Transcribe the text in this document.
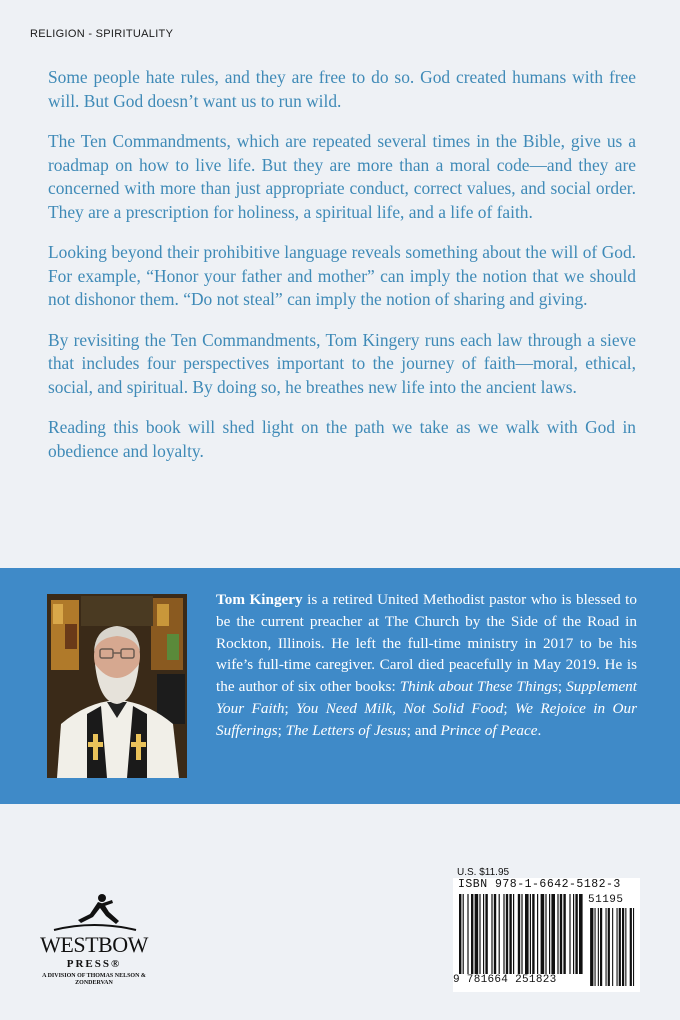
RELIGION - SPIRITUALITY

Some people hate rules, and they are free to do so. God created humans with free will. But God doesn’t want us to run wild.

The Ten Commandments, which are repeated several times in the Bible, give us a roadmap on how to live life. But they are more than a moral code—and they are concerned with more than just appropriate conduct, correct values, and social order. They are a prescription for holiness, a spiritual life, and a life of faith.

Looking beyond their prohibitive language reveals something about the will of God. For example, “Honor your father and mother” can imply the notion that we should not dishonor them. “Do not steal” can imply the notion of sharing and giving.

By revisiting the Ten Commandments, Tom Kingery runs each law through a sieve that includes four perspectives important to the journey of faith—moral, ethical, social, and spiritual. By doing so, he breathes new life into the ancient laws.

Reading this book will shed light on the path we take as we walk with God in obedience and loyalty.

Tom Kingery is a retired United Methodist pastor who is blessed to be the current preacher at The Church by the Side of the Road in Rockton, Illinois. He left the full-time ministry in 2017 to be his wife’s full-time caregiver. Carol died peacefully in May 2019. He is the author of six other books: Think about These Things; Supplement Your Faith; You Need Milk, Not Solid Food; We Rejoice in Our Sufferings; The Letters of Jesus; and Prince of Peace.
WESTBOW
PRESS®
A DIVISION OF THOMAS NELSON & ZONDERVAN
U.S. $11.95
ISBN 978-1-6642-5182-3
51195
9 781664 251823
